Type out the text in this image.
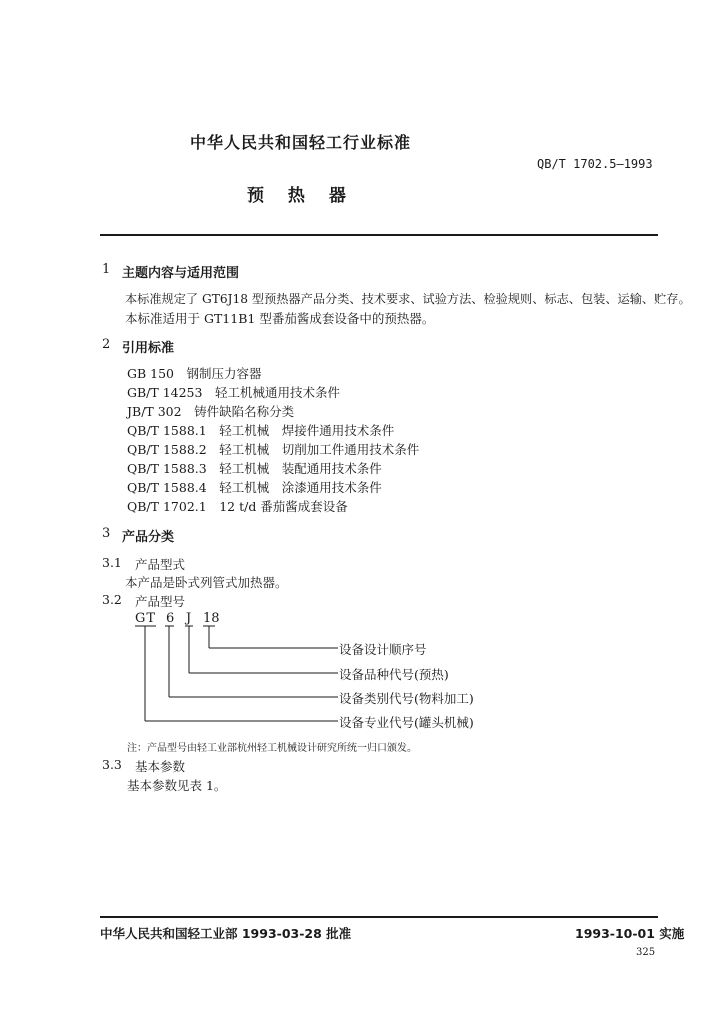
中华人民共和国轻工行业标准
QB/T 1702.5—1993
预 热 器
1 主题内容与适用范围
本标准规定了 GT6J18 型预热器产品分类、技术要求、试验方法、检验规则、标志、包装、运输、贮存。
本标准适用于 GT11B1 型番茄酱成套设备中的预热器。
2 引用标准
GB 150　 钢制压力容器
GB/T 14253　 轻工机械通用技术条件
JB/T 302　 铸件缺陷名称分类
QB/T 1588.1　 轻工机械　焊接件通用技术条件
QB/T 1588.2　 轻工机械　切削加工件通用技术条件
QB/T 1588.3　 轻工机械　装配通用技术条件
QB/T 1588.4　 轻工机械　涂漆通用技术条件
QB/T 1702.1　 12 t/d 番茄酱成套设备
3 产品分类
3.1 产品型式
本产品是卧式列管式加热器。
3.2 产品型号
GT 6 J 18
设备设计顺序号
设备品种代号(预热)
设备类别代号(物料加工)
设备专业代号(罐头机械)
注：产品型号由轻工业部杭州轻工机械设计研究所统一归口颁发。
3.3 基本参数
基本参数见表 1。
中华人民共和国轻工业部 1993-03-28 批准	1993-10-01 实施
325
